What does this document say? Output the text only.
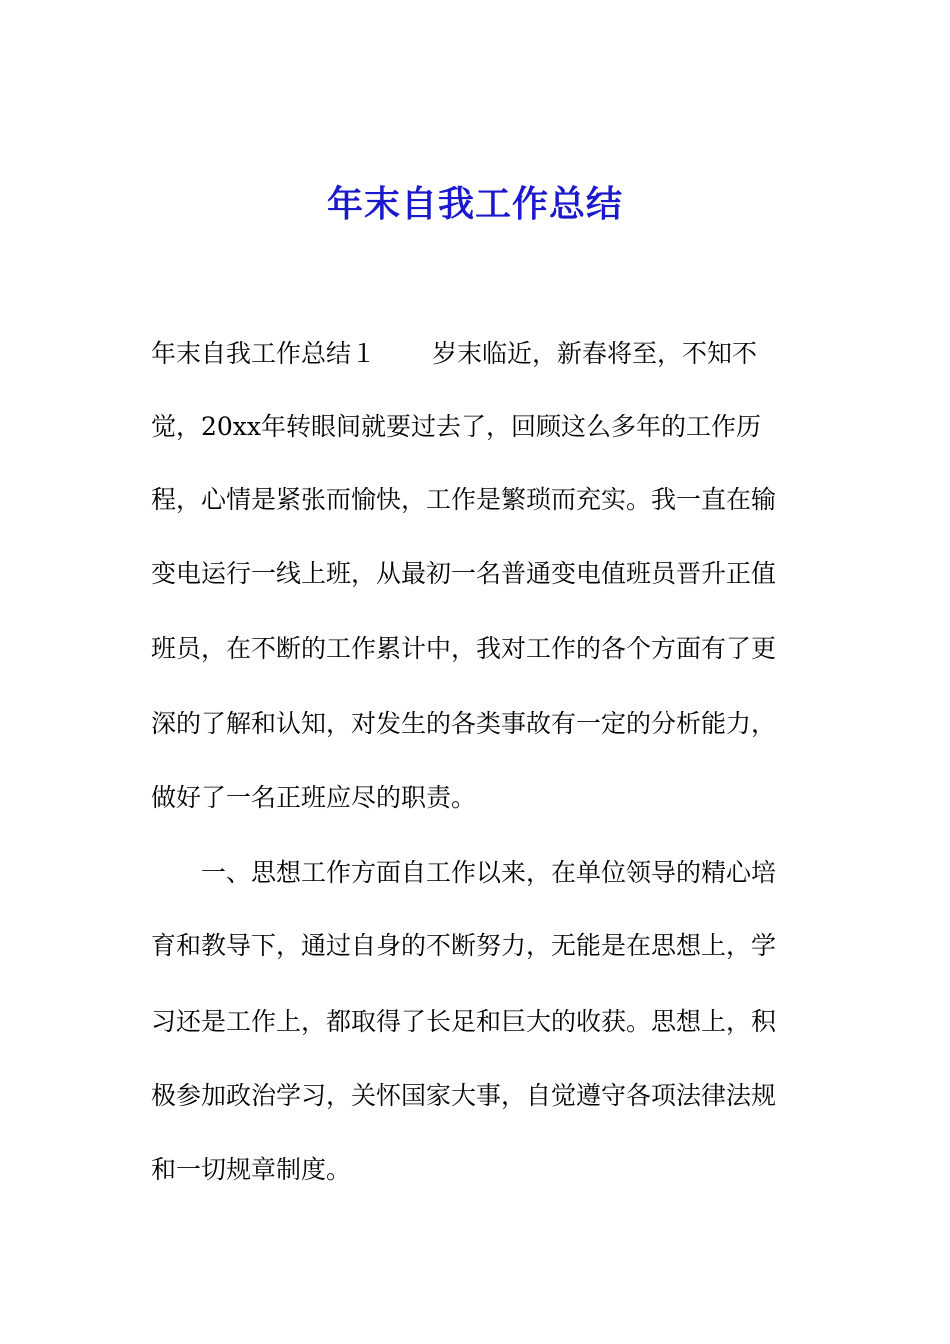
年末自我工作总结

年末自我工作总结１ 岁末临近，新春将至，不知不

觉，20xx年转眼间就要过去了，回顾这么多年的工作历

程，心情是紧张而愉快，工作是繁琐而充实。我一直在输

变电运行一线上班，从最初一名普通变电值班员晋升正值

班员，在不断的工作累计中，我对工作的各个方面有了更

深的了解和认知，对发生的各类事故有一定的分析能力，

做好了一名正班应尽的职责。

　　一、思想工作方面自工作以来，在单位领导的精心培

育和教导下，通过自身的不断努力，无能是在思想上，学

习还是工作上，都取得了长足和巨大的收获。思想上，积

极参加政治学习，关怀国家大事，自觉遵守各项法律法规

和一切规章制度。
